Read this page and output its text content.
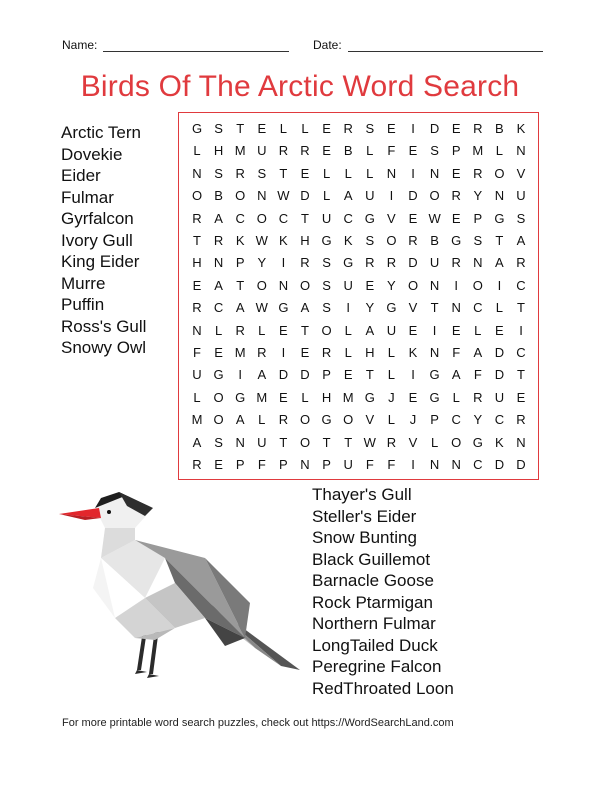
Name:	Date:
Birds Of The Arctic Word Search
Arctic Tern
Dovekie
Eider
Fulmar
Gyrfalcon
Ivory Gull
King Eider
Murre
Puffin
Ross's Gull
Snowy Owl
G S	T	E	L	L	E R S E	I	D E R B K
L	H M U R R E B	L	F	E S P M L	N
N S R S	T	E	L	L	L	N	I	N E R O V
O B O N W D	L	A U	I	D O R Y N U
R A C O C T U C G V E W E P G S
T R K W K H G K S O R B G S	T	A
H N P Y	I	R S G R R D U R N A R
E A	T O N O S U E Y O N	I	O	I	C
R C A W G A S	I	Y G V	T N C	L	T
N	L	R	L	E	T O L	A U E	I	E	L	E	I
F	E M R	I	E R	L	H	L	K N F	A D C
U G	I	A D D P E	T	L	I	G A	F D T
L O G M E	L	H M G	J	E G L	R U E
M O A	L	R O G O V	L	J	P C Y C R
A S N U T O T	T W R V	L O G K N
R E P	F	P N P U F	F	I	N N C D D
Thayer's Gull
Steller's Eider
Snow Bunting
Black Guillemot
Barnacle Goose
Rock Ptarmigan
Northern Fulmar
LongTailed Duck
Peregrine Falcon
RedThroated Loon
For more printable word search puzzles, check out https://WordSearchLand.com
